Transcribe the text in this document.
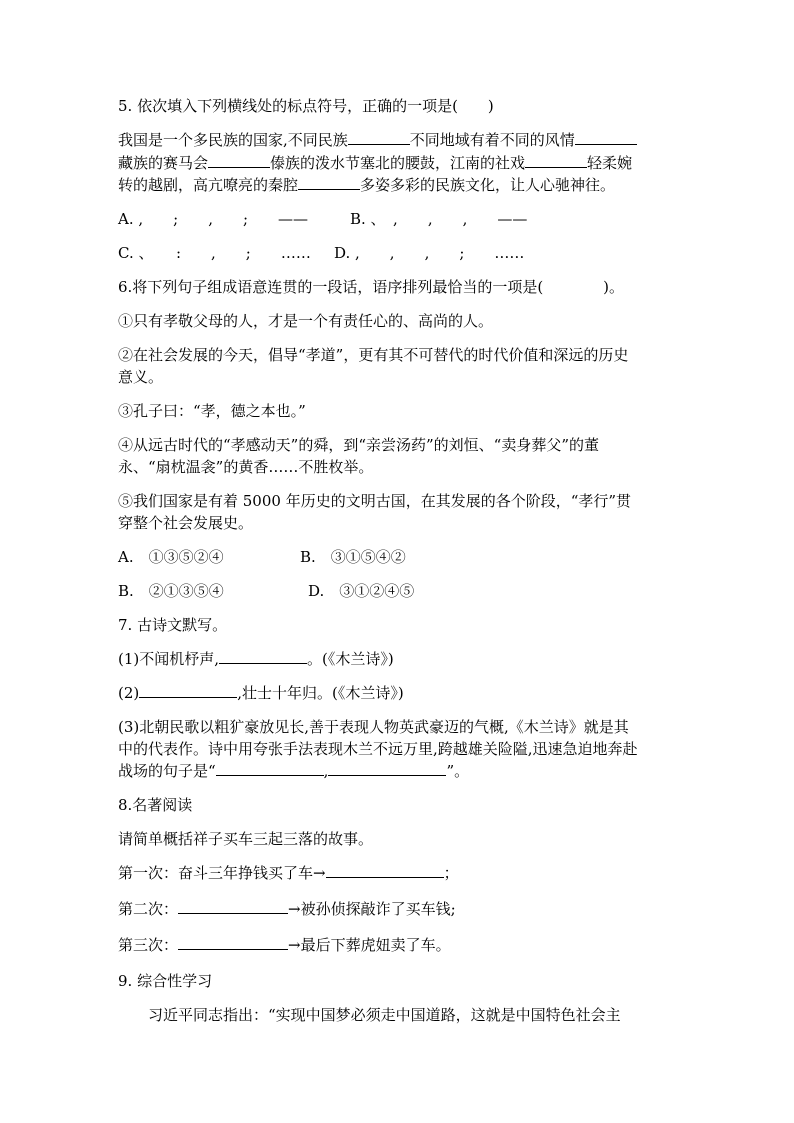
5. 依次填入下列横线处的标点符号，正确的一项是(　　)
我国是一个多民族的国家,不同民族	不同地域有着不同的风情
藏族的赛马会	傣族的泼水节塞北的腰鼓，江南的社戏	轻柔婉
转的越剧，高亢嘹亮的秦腔	多姿多彩的民族文化，让人心驰神往。
A. ,　　;　　,　　;　　——	B. 、　,　　,　　,　　——
C. 、　　:　　,　　;　　…… D. ,　　,　　,　　;　　……
6.将下列句子组成语意连贯的一段话，语序排列最恰当的一项是(　　　　)。
①只有孝敬父母的人，才是一个有责任心的、高尚的人。
②在社会发展的今天，倡导“孝道”，更有其不可替代的时代价值和深远的历史
意义。
③孔子曰：“孝，德之本也。”
④从远古时代的“孝感动天”的舜，到“亲尝汤药”的刘恒、“卖身葬父”的董
永、“扇枕温衾”的黄香……不胜枚举。
⑤我们国家是有着 5000 年历史的文明古国，在其发展的各个阶段，“孝行”贯
穿整个社会发展史。
A.　①③⑤②④	B.　③①⑤④②
B.　②①③⑤④	D.　③①②④⑤
7. 古诗文默写。
(1)不闻机杼声,	。(《木兰诗》)
(2)	,壮士十年归。(《木兰诗》)
(3)北朝民歌以粗犷豪放见长,善于表现人物英武豪迈的气概,《木兰诗》就是其
中的代表作。诗中用夸张手法表现木兰不远万里,跨越雄关险隘,迅速急迫地奔赴
战场的句子是“	,	”。
8.名著阅读
请简单概括祥子买车三起三落的故事。
第一次：奋斗三年挣钱买了车→	；
第二次：	→被孙侦探敲诈了买车钱;
第三次：	→最后下葬虎妞卖了车。
9. 综合性学习
　　习近平同志指出：“实现中国梦必须走中国道路，这就是中国特色社会主
